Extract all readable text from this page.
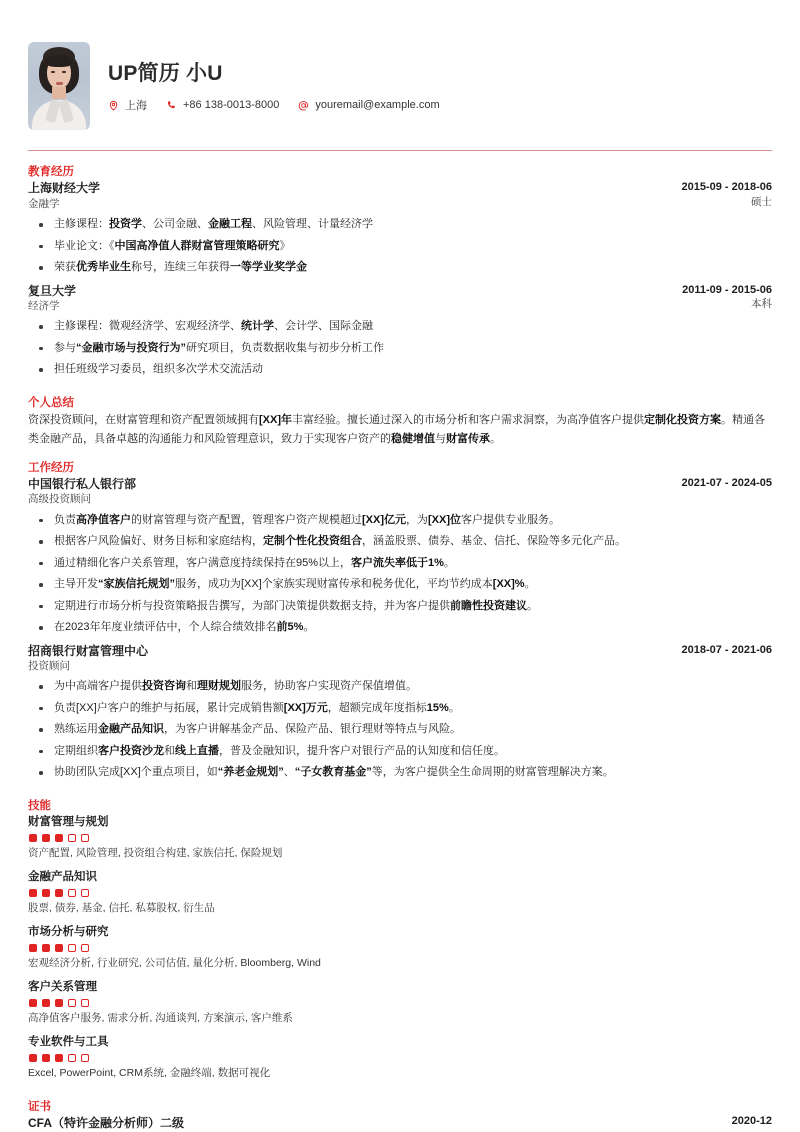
UP简历 小U
上海	+86 138-0013-8000	youremail@example.com
教育经历
上海财经大学
金融学
2015-09 - 2018-06
硕士
主修课程：投资学、公司金融、金融工程、风险管理、计量经济学
毕业论文：《中国高净值人群财富管理策略研究》
荣获优秀毕业生称号，连续三年获得一等学业奖学金
复旦大学
经济学
2011-09 - 2015-06
本科
主修课程：微观经济学、宏观经济学、统计学、会计学、国际金融
参与“金融市场与投资行为”研究项目，负责数据收集与初步分析工作
担任班级学习委员，组织多次学术交流活动
个人总结
资深投资顾问，在财富管理和资产配置领域拥有[XX]年丰富经验。擅长通过深入的市场分析和客户需求洞察，为高净值客户提供定制化投资方案。精通各类金融产品，具备卓越的沟通能力和风险管理意识，致力于实现客户资产的稳健增值与财富传承。
工作经历
中国银行私人银行部
高级投资顾问
2021-07 - 2024-05
负责高净值客户的财富管理与资产配置，管理客户资产规模超过[XX]亿元，为[XX]位客户提供专业服务。
根据客户风险偏好、财务目标和家庭结构，定制个性化投资组合，涵盖股票、债券、基金、信托、保险等多元化产品。
通过精细化客户关系管理，客户满意度持续保持在95%以上，客户流失率低于1%。
主导开发“家族信托规划”服务，成功为[XX]个家族实现财富传承和税务优化，平均节约成本[XX]%。
定期进行市场分析与投资策略报告撰写，为部门决策提供数据支持，并为客户提供前瞻性投资建议。
在2023年年度业绩评估中，个人综合绩效排名前5%。
招商银行财富管理中心
投资顾问
2018-07 - 2021-06
为中高端客户提供投资咨询和理财规划服务，协助客户实现资产保值增值。
负责[XX]户客户的维护与拓展，累计完成销售额[XX]万元，超额完成年度指标15%。
熟练运用金融产品知识，为客户讲解基金产品、保险产品、银行理财等特点与风险。
定期组织客户投资沙龙和线上直播，普及金融知识，提升客户对银行产品的认知度和信任度。
协助团队完成[XX]个重点项目，如“养老金规划”、“子女教育基金”等，为客户提供全生命周期的财富管理解决方案。
技能
财富管理与规划
资产配置, 风险管理, 投资组合构建, 家族信托, 保险规划
金融产品知识
股票, 债券, 基金, 信托, 私募股权, 衍生品
市场分析与研究
宏观经济分析, 行业研究, 公司估值, 量化分析, Bloomberg, Wind
客户关系管理
高净值客户服务, 需求分析, 沟通谈判, 方案演示, 客户维系
专业软件与工具
Excel, PowerPoint, CRM系统, 金融终端, 数据可视化
证书
CFA（特许金融分析师）二级	2020-12
